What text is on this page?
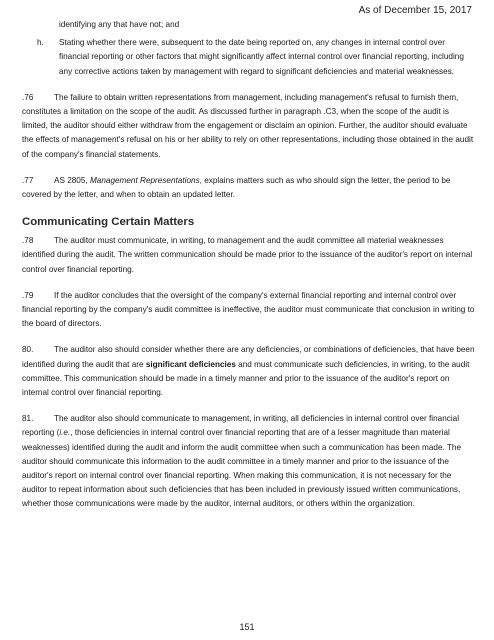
As of December 15, 2017
identifying any that have not; and
h.	Stating whether there were, subsequent to the date being reported on, any changes in internal control over financial reporting or other factors that might significantly affect internal control over financial reporting, including any corrective actions taken by management with regard to significant deficiencies and material weaknesses.

.76	The failure to obtain written representations from management, including management's refusal to furnish them, constitutes a limitation on the scope of the audit. As discussed further in paragraph .C3, when the scope of the audit is limited, the auditor should either withdraw from the engagement or disclaim an opinion. Further, the auditor should evaluate the effects of management's refusal on his or her ability to rely on other representations, including those obtained in the audit of the company's financial statements.

.77	AS 2805, Management Representations, explains matters such as who should sign the letter, the period to be covered by the letter, and when to obtain an updated letter.

Communicating Certain Matters

.78	The auditor must communicate, in writing, to management and the audit committee all material weaknesses identified during the audit. The written communication should be made prior to the issuance of the auditor's report on internal control over financial reporting.

.79	If the auditor concludes that the oversight of the company's external financial reporting and internal control over financial reporting by the company's audit committee is ineffective, the auditor must communicate that conclusion in writing to the board of directors.

80.	The auditor also should consider whether there are any deficiencies, or combinations of deficiencies, that have been identified during the audit that are significant deficiencies and must communicate such deficiencies, in writing, to the audit committee. This communication should be made in a timely manner and prior to the issuance of the auditor's report on internal control over financial reporting.

81.	The auditor also should communicate to management, in writing, all deficiencies in internal control over financial reporting (i.e., those deficiencies in internal control over financial reporting that are of a lesser magnitude than material weaknesses) identified during the audit and inform the audit committee when such a communication has been made. The auditor should communicate this information to the audit committee in a timely manner and prior to the issuance of the auditor's report on internal control over financial reporting. When making this communication, it is not necessary for the auditor to repeat information about such deficiencies that has been included in previously issued written communications, whether those communications were made by the auditor, internal auditors, or others within the organization.

151
